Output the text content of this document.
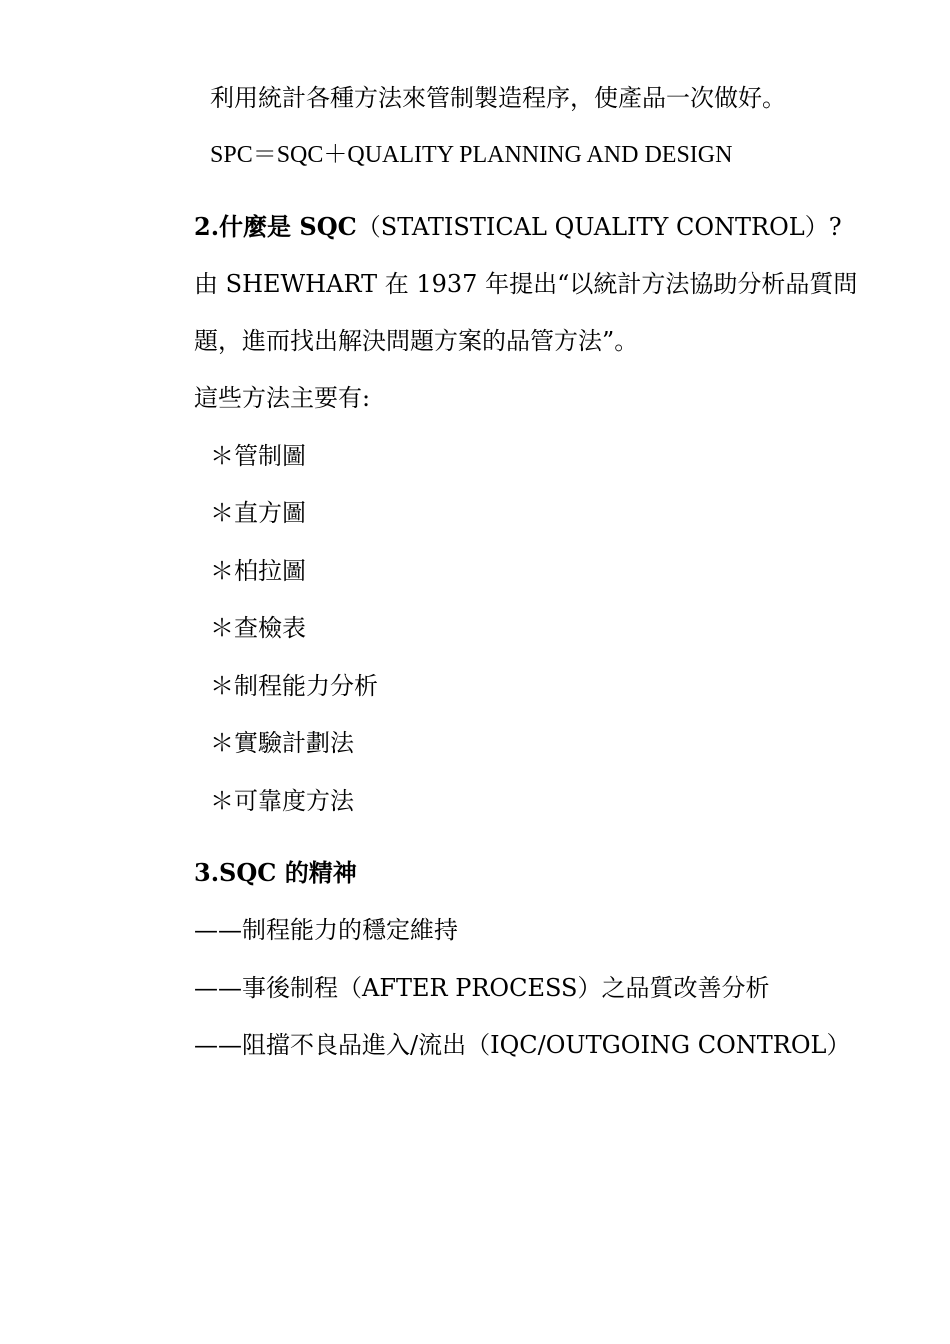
利用統計各種方法來管制製造程序，使產品一次做好。
SPC＝SQC＋QUALITY PLANNING AND DESIGN
2.什麼是 SQC（STATISTICAL QUALITY CONTROL）?
由 SHEWHART 在 1937 年提出“以統計方法協助分析品質問
題，進而找出解決問題方案的品管方法”。
這些方法主要有:
＊管制圖
＊直方圖
＊柏拉圖
＊查檢表
＊制程能力分析
＊實驗計劃法
＊可靠度方法
3.SQC 的精神
——制程能力的穩定維持
——事後制程（AFTER PROCESS）之品質改善分析
——阻擋不良品進入/流出（IQC/OUTGOING CONTROL）
